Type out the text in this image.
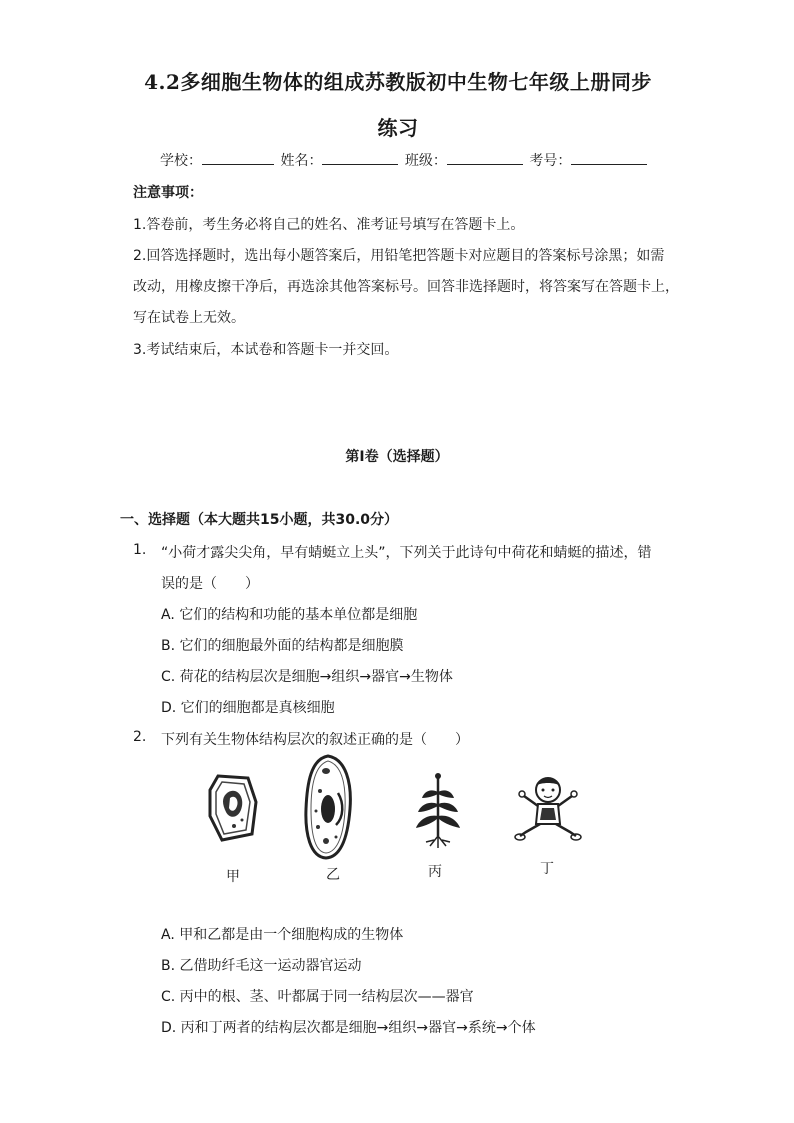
4.2多细胞生物体的组成苏教版初中生物七年级上册同步
练习
学校：	姓名：	班级：	考号：
注意事项：
1.答卷前，考生务必将自己的姓名、准考证号填写在答题卡上。
2.回答选择题时，选出每小题答案后，用铅笔把答题卡对应题目的答案标号涂黑；如需
改动，用橡皮擦干净后，再选涂其他答案标号。回答非选择题时，将答案写在答题卡上，
写在试卷上无效。
3.考试结束后，本试卷和答题卡一并交回。
第I卷（选择题）
一、选择题（本大题共15小题，共30.0分）
1. “小荷才露尖尖角，早有蜻蜓立上头”，下列关于此诗句中荷花和蜻蜓的描述，错
误的是（　　）
A. 它们的结构和功能的基本单位都是细胞
B. 它们的细胞最外面的结构都是细胞膜
C. 荷花的结构层次是细胞→组织→器官→生物体
D. 它们的细胞都是真核细胞
2. 下列有关生物体结构层次的叙述正确的是（　　）
甲	乙	丙	丁
A. 甲和乙都是由一个细胞构成的生物体
B. 乙借助纤毛这一运动器官运动
C. 丙中的根、茎、叶都属于同一结构层次——器官
D. 丙和丁两者的结构层次都是细胞→组织→器官→系统→个体
